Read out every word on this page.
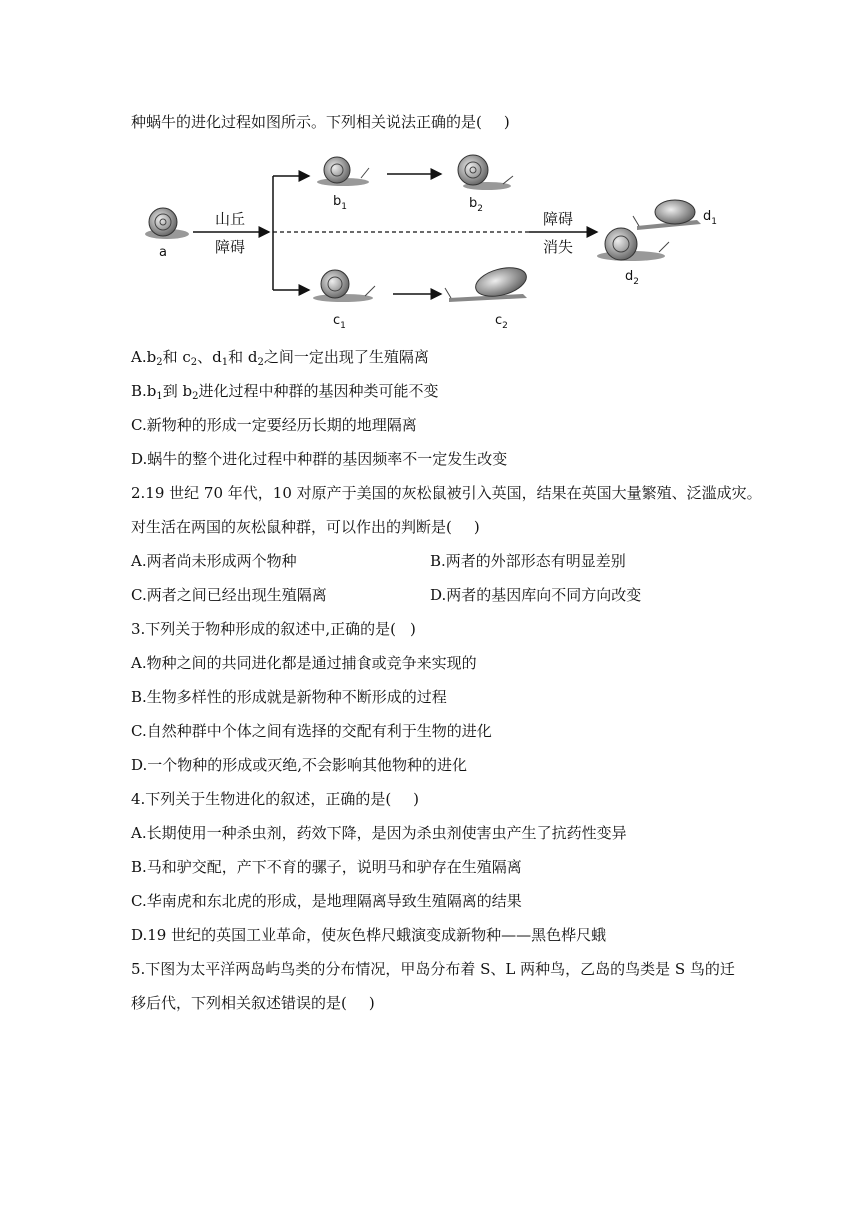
种蜗牛的进化过程如图所示。下列相关说法正确的是( )
a
山丘
障碍
$b_1$	$b_2$
$c_1$	$c_2$
障碍
消失
$d_1$
$d_2$
$A.b_2$和 $c_2$、$d_1$和 $d_2$之间一定出现了生殖隔离
$B.b_1$到 $b_2$进化过程中种群的基因种类可能不变
C.新物种的形成一定要经历长期的地理隔离
D.蜗牛的整个进化过程中种群的基因频率不一定发生改变
2.19 世纪 70 年代，10 对原产于美国的灰松鼠被引入英国，结果在英国大量繁殖、泛滥成灾。
对生活在两国的灰松鼠种群，可以作出的判断是( )
A.两者尚未形成两个物种	B.两者的外部形态有明显差别
C.两者之间已经出现生殖隔离	D.两者的基因库向不同方向改变
3.下列关于物种形成的叙述中,正确的是( )
A.物种之间的共同进化都是通过捕食或竞争来实现的
B.生物多样性的形成就是新物种不断形成的过程
C.自然种群中个体之间有选择的交配有利于生物的进化
D.一个物种的形成或灭绝,不会影响其他物种的进化
4.下列关于生物进化的叙述，正确的是( )
A.长期使用一种杀虫剂，药效下降，是因为杀虫剂使害虫产生了抗药性变异
B.马和驴交配，产下不育的骡子，说明马和驴存在生殖隔离
C.华南虎和东北虎的形成，是地理隔离导致生殖隔离的结果
D.19 世纪的英国工业革命，使灰色桦尺蛾演变成新物种——黑色桦尺蛾
5.下图为太平洋两岛屿鸟类的分布情况，甲岛分布着 S、L 两种鸟，乙岛的鸟类是 S 鸟的迁
移后代，下列相关叙述错误的是( )
